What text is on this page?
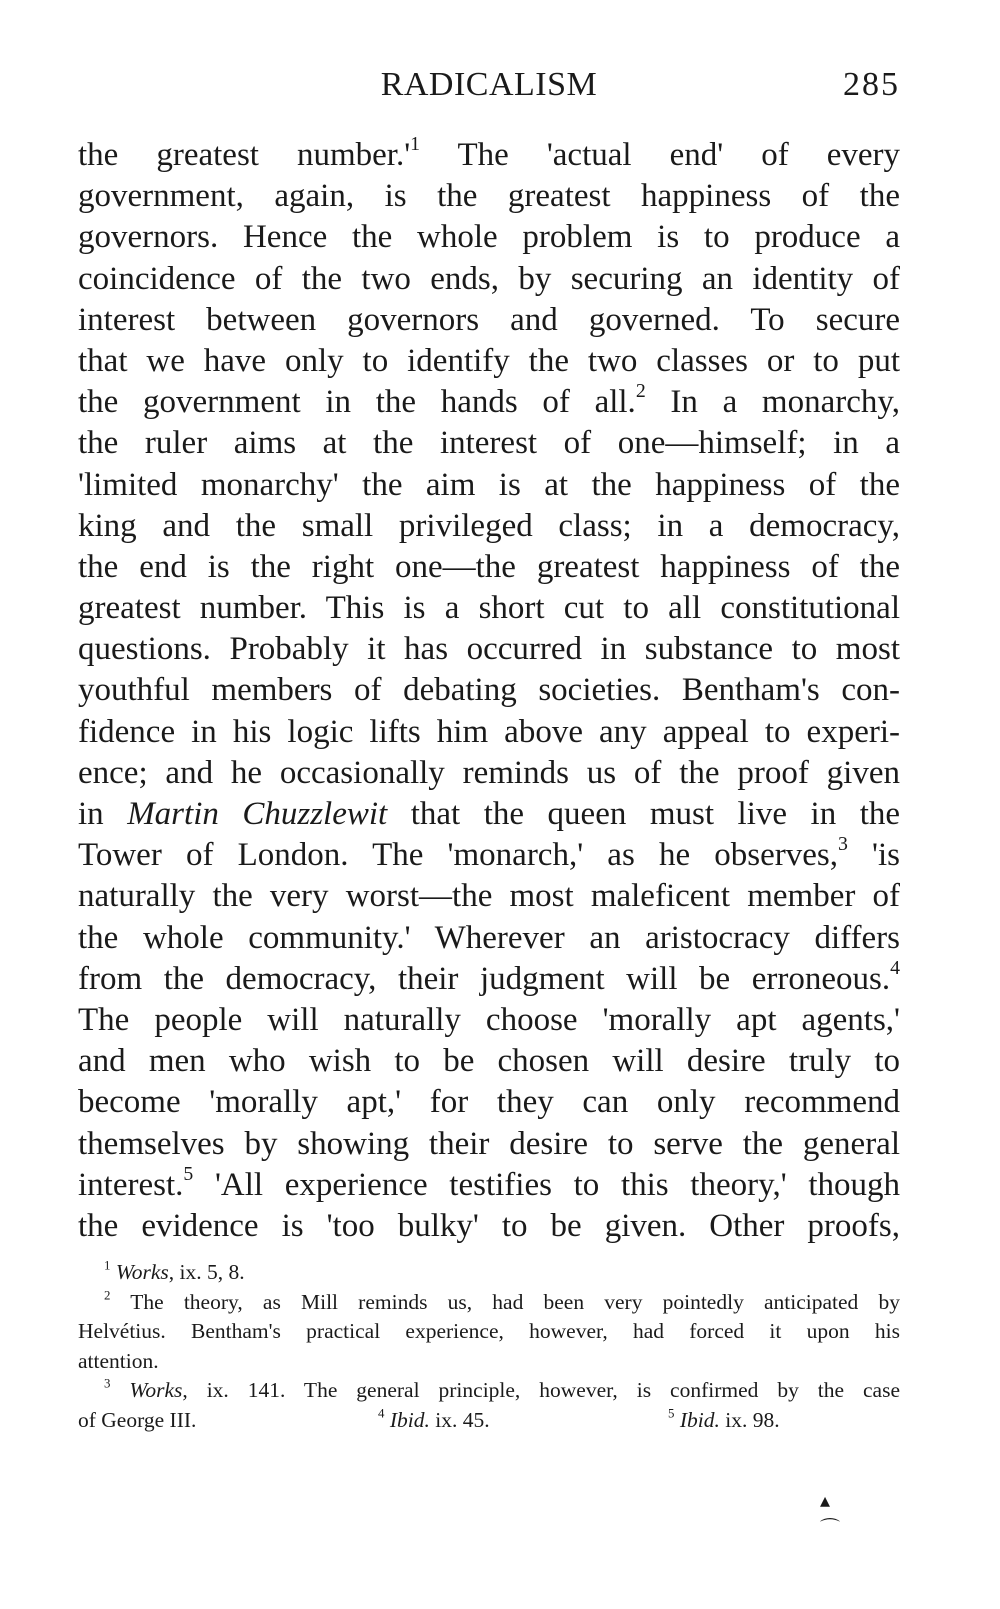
RADICALISM	285
the greatest $number.'^1$ The 'actual end' of every
government, again, is the greatest happiness of the
governors. Hence the whole problem is to produce a
coincidence of the two ends, by securing an identity of
interest between governors and governed. To secure
that we have only to identify the two classes or to put
the government in the hands of all.$^2$ In a monarchy,
the ruler aims at the interest of one—himself; in a
'limited monarchy' the aim is at the happiness of the
king and the small privileged class; in a democracy,
the end is the right one—the greatest happiness of the
greatest number. This is a short cut to all constitutional
questions. Probably it has occurred in substance to most
youthful members of debating societies. Bentham's con-
fidence in his logic lifts him above any appeal to experi-
ence; and he occasionally reminds us of the proof given
in Martin Chuzzlewit that the queen must live in the
Tower of London. The 'monarch,' as he observes,$^3$ 'is
naturally the very worst—the most maleficent member of
the whole community.' Wherever an aristocracy differs
from the democracy, their judgment will be erroneous.$^4$
The people will naturally choose 'morally apt agents,'
and men who wish to be chosen will desire truly to
become 'morally apt,' for they can only recommend
themselves by showing their desire to serve the general
interest.$^5$ 'All experience testifies to this theory,' though
the evidence is 'too bulky' to be given. Other proofs,
$^1$ Works, ix. 5, 8.
$^2$ The theory, as Mill reminds us, had been very pointedly anticipated by
Helvétius. Bentham's practical experience, however, had forced it upon his
attention.
$^3$ Works, ix. 141. The general principle, however, is confirmed by the case
of George III.	$^4$ Ibid. ix. 45.	$^5$ Ibid. ix. 98.
▴
⌒
